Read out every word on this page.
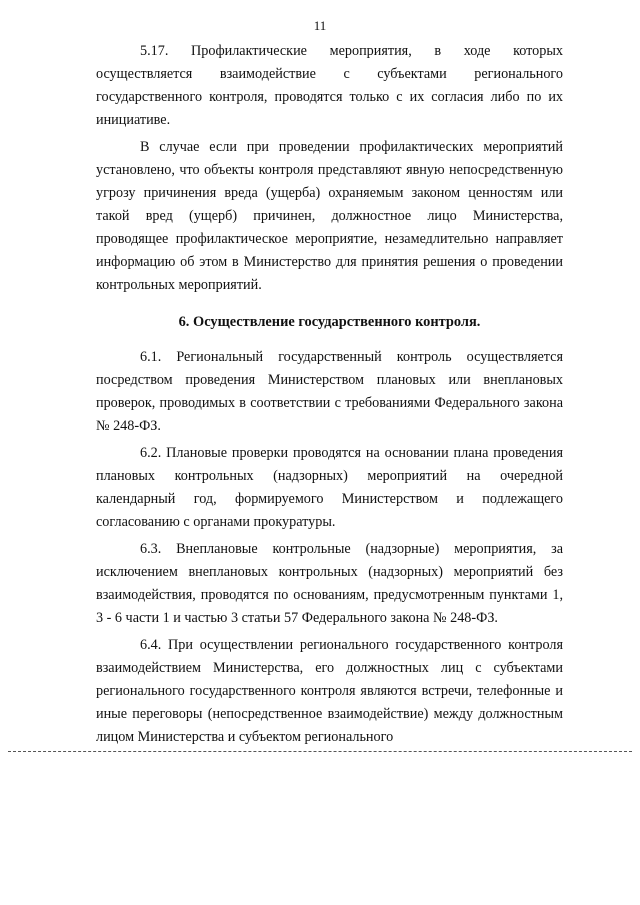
11

5.17. Профилактические мероприятия, в ходе которых осуществляется взаимодействие с субъектами регионального государственного контроля, проводятся только с их согласия либо по их инициативе.

В случае если при проведении профилактических мероприятий установлено, что объекты контроля представляют явную непосредственную угрозу причинения вреда (ущерба) охраняемым законом ценностям или такой вред (ущерб) причинен, должностное лицо Министерства, проводящее профилактическое мероприятие, незамедлительно направляет информацию об этом в Министерство для принятия решения о проведении контрольных мероприятий.

6. Осуществление государственного контроля.

6.1. Региональный государственный контроль осуществляется посредством проведения Министерством плановых или внеплановых проверок, проводимых в соответствии с требованиями Федерального закона № 248-ФЗ.

6.2. Плановые проверки проводятся на основании плана проведения плановых контрольных (надзорных) мероприятий на очередной календарный год, формируемого Министерством и подлежащего согласованию с органами прокуратуры.

6.3. Внеплановые контрольные (надзорные) мероприятия, за исключением внеплановых контрольных (надзорных) мероприятий без взаимодействия, проводятся по основаниям, предусмотренным пунктами 1, 3 - 6 части 1 и частью 3 статьи 57 Федерального закона № 248-ФЗ.

6.4. При осуществлении регионального государственного контроля взаимодействием Министерства, его должностных лиц с субъектами регионального государственного контроля являются встречи, телефонные и иные переговоры (непосредственное взаимодействие) между должностным лицом Министерства и субъектом регионального
